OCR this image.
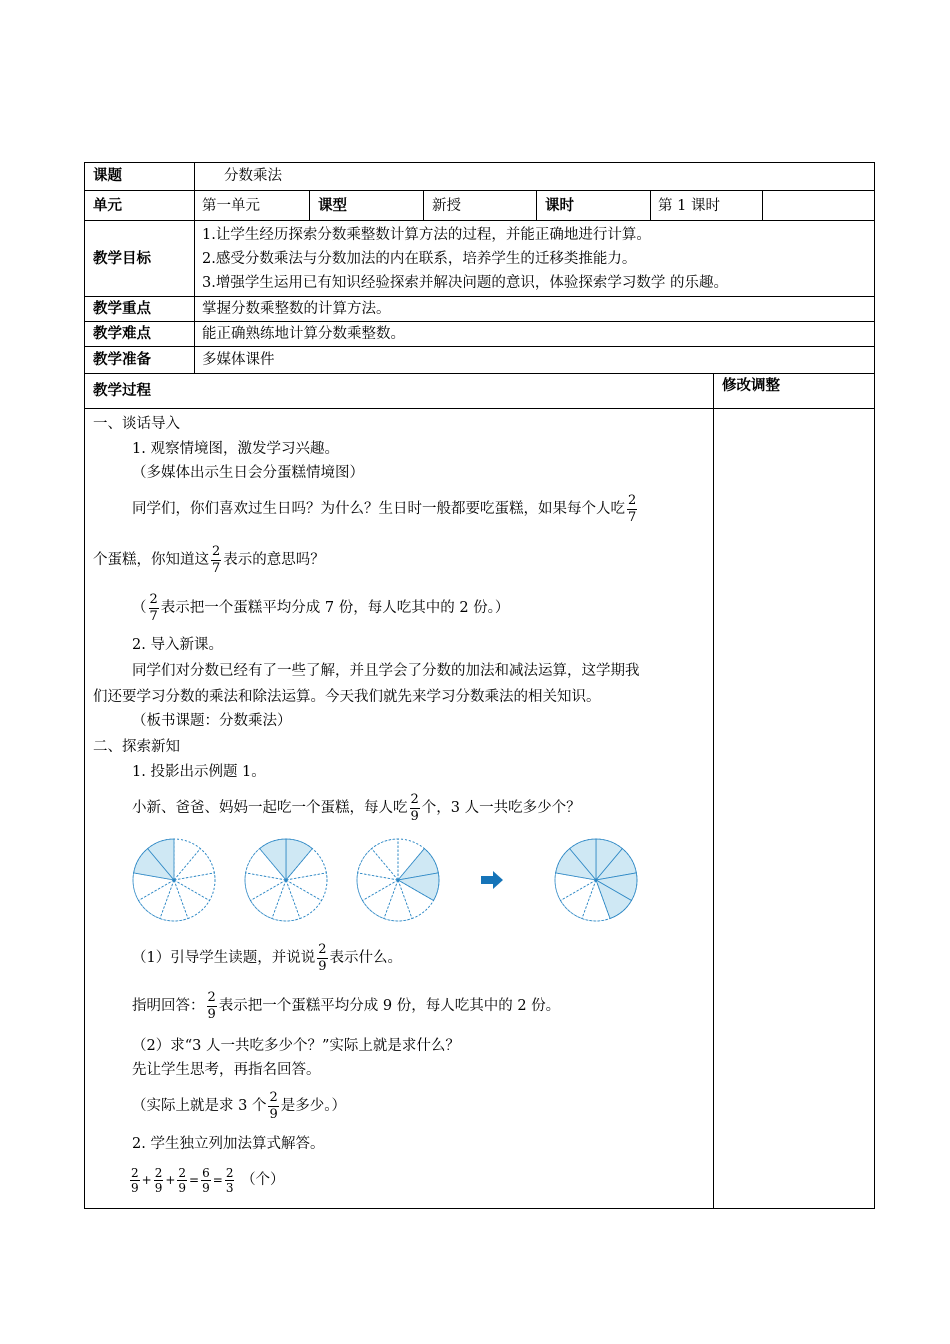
课题	分数乘法
单元	第一单元	课型	新授	课时	第 1 课时
教学目标
1.让学生经历探索分数乘整数计算方法的过程，并能正确地进行计算。
2.感受分数乘法与分数加法的内在联系，培养学生的迁移类推能力。
3.增强学生运用已有知识经验探索并解决问题的意识，体验探索学习数学 的乐趣。
教学重点	掌握分数乘整数的计算方法。
教学难点	能正确熟练地计算分数乘整数。
教学准备	多媒体课件
教学过程	修改调整
一、谈话导入
1. 观察情境图，激发学习兴趣。
（多媒体出示生日会分蛋糕情境图）
同学们，你们喜欢过生日吗？为什么？生日时一般都要吃蛋糕，如果每个人吃 $\frac{2}{7}$
个蛋糕，你知道这 $\frac{2}{7}$ 表示的意思吗？
（ $\frac{2}{7}$ 表示把一个蛋糕平均分成 7 份，每人吃其中的 2 份。）
2. 导入新课。
同学们对分数已经有了一些了解，并且学会了分数的加法和减法运算，这学期我
们还要学习分数的乘法和除法运算。今天我们就先来学习分数乘法的相关知识。
（板书课题：分数乘法）
二、探索新知
1. 投影出示例题 1。
小新、爸爸、妈妈一起吃一个蛋糕，每人吃 $\frac{2}{9}$ 个，3 人一共吃多少个？
（1）引导学生读题，并说说 $\frac{2}{9}$ 表示什么。
指明回答： $\frac{2}{9}$ 表示把一个蛋糕平均分成 9 份，每人吃其中的 2 份。
（2）求“3 人一共吃多少个？”实际上就是求什么？
先让学生思考，再指名回答。
（实际上就是求 3 个 $\frac{2}{9}$ 是多少。）
2. 学生独立列加法算式解答。
$\frac{2}{9} + \frac{2}{9} + \frac{2}{9} = \frac{6}{9} = \frac{2}{3}$ （个）
